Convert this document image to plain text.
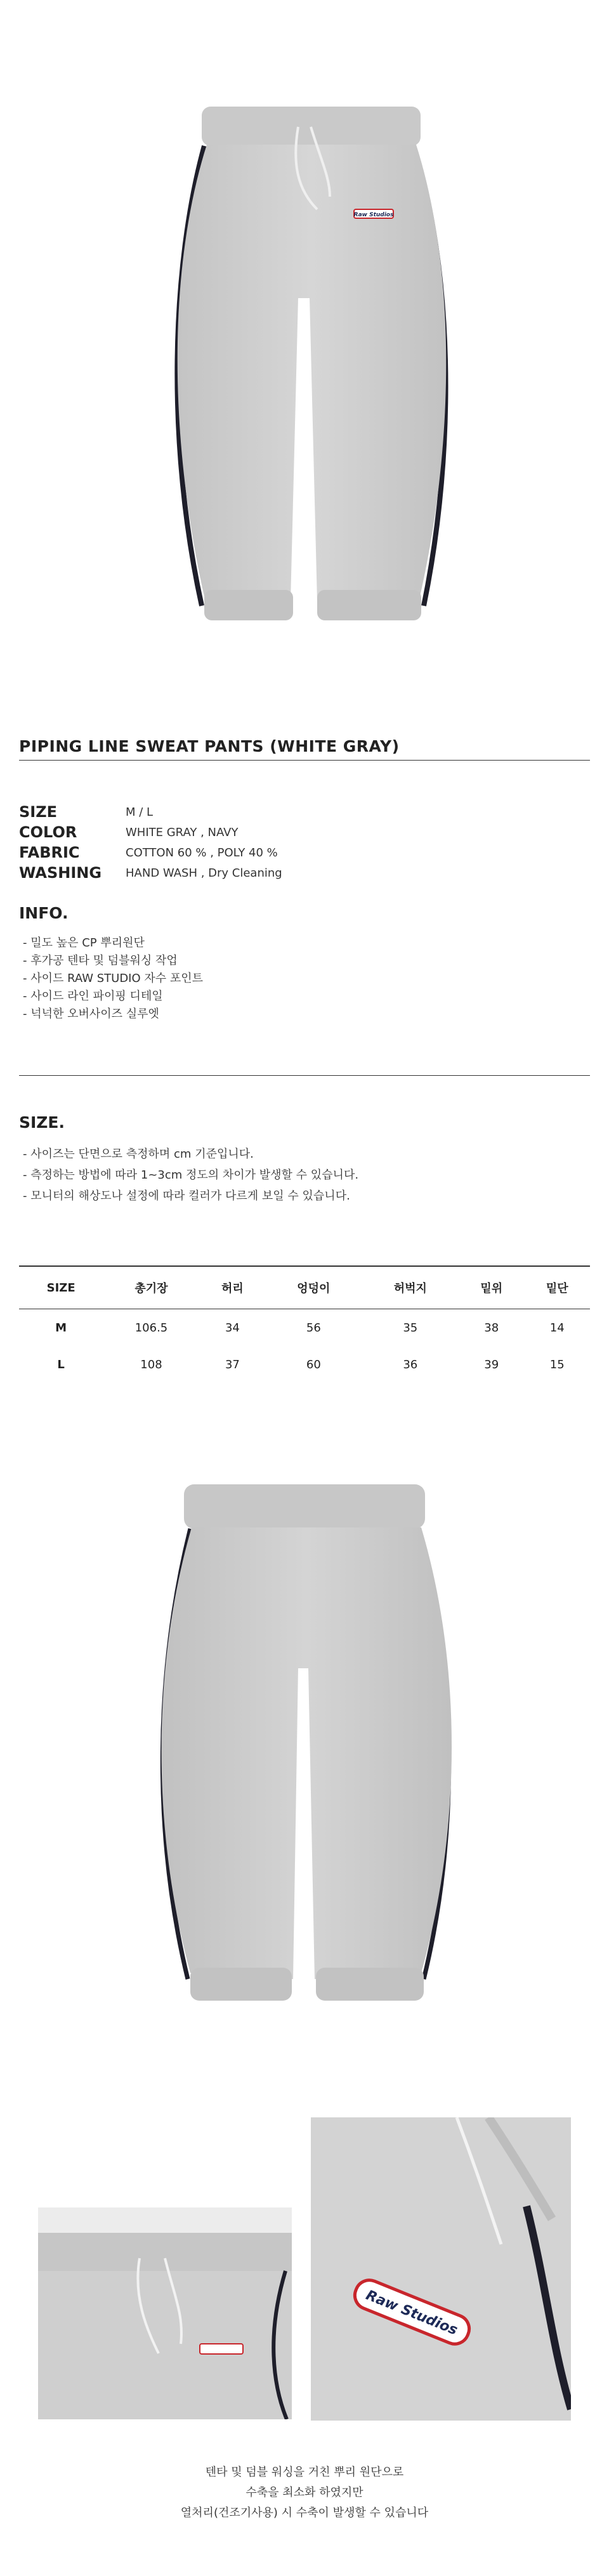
Raw Studios
PIPING LINE SWEAT PANTS (WHITE GRAY)
SIZE	M / L
COLOR	WHITE GRAY , NAVY
FABRIC	COTTON 60 % , POLY 40 %
WASHING HAND WASH , Dry Cleaning
INFO.
- 밀도 높은 CP 뿌리원단
- 후가공 텐타 및 덤블워싱 작업
- 사이드 RAW STUDIO 자수 포인트
- 사이드 라인 파이핑 디테일
- 넉넉한 오버사이즈 실루엣
SIZE.
- 사이즈는 단면으로 측정하며 cm 기준입니다.
- 측정하는 방법에 따라 1~3cm 정도의 차이가 발생할 수 있습니다.
- 모니터의 해상도나 설정에 따라 컬러가 다르게 보일 수 있습니다.
SIZE	총기장	허리	엉덩이	허벅지	밑위	밑단
M	106.5	34	56	35	38	14
L	108	37	60	36	39	15
Raw Studios
텐타 및 덤블 워싱을 거친 뿌리 원단으로
수축을 최소화 하였지만
열처리(건조기사용) 시 수축이 발생할 수 있습니다
